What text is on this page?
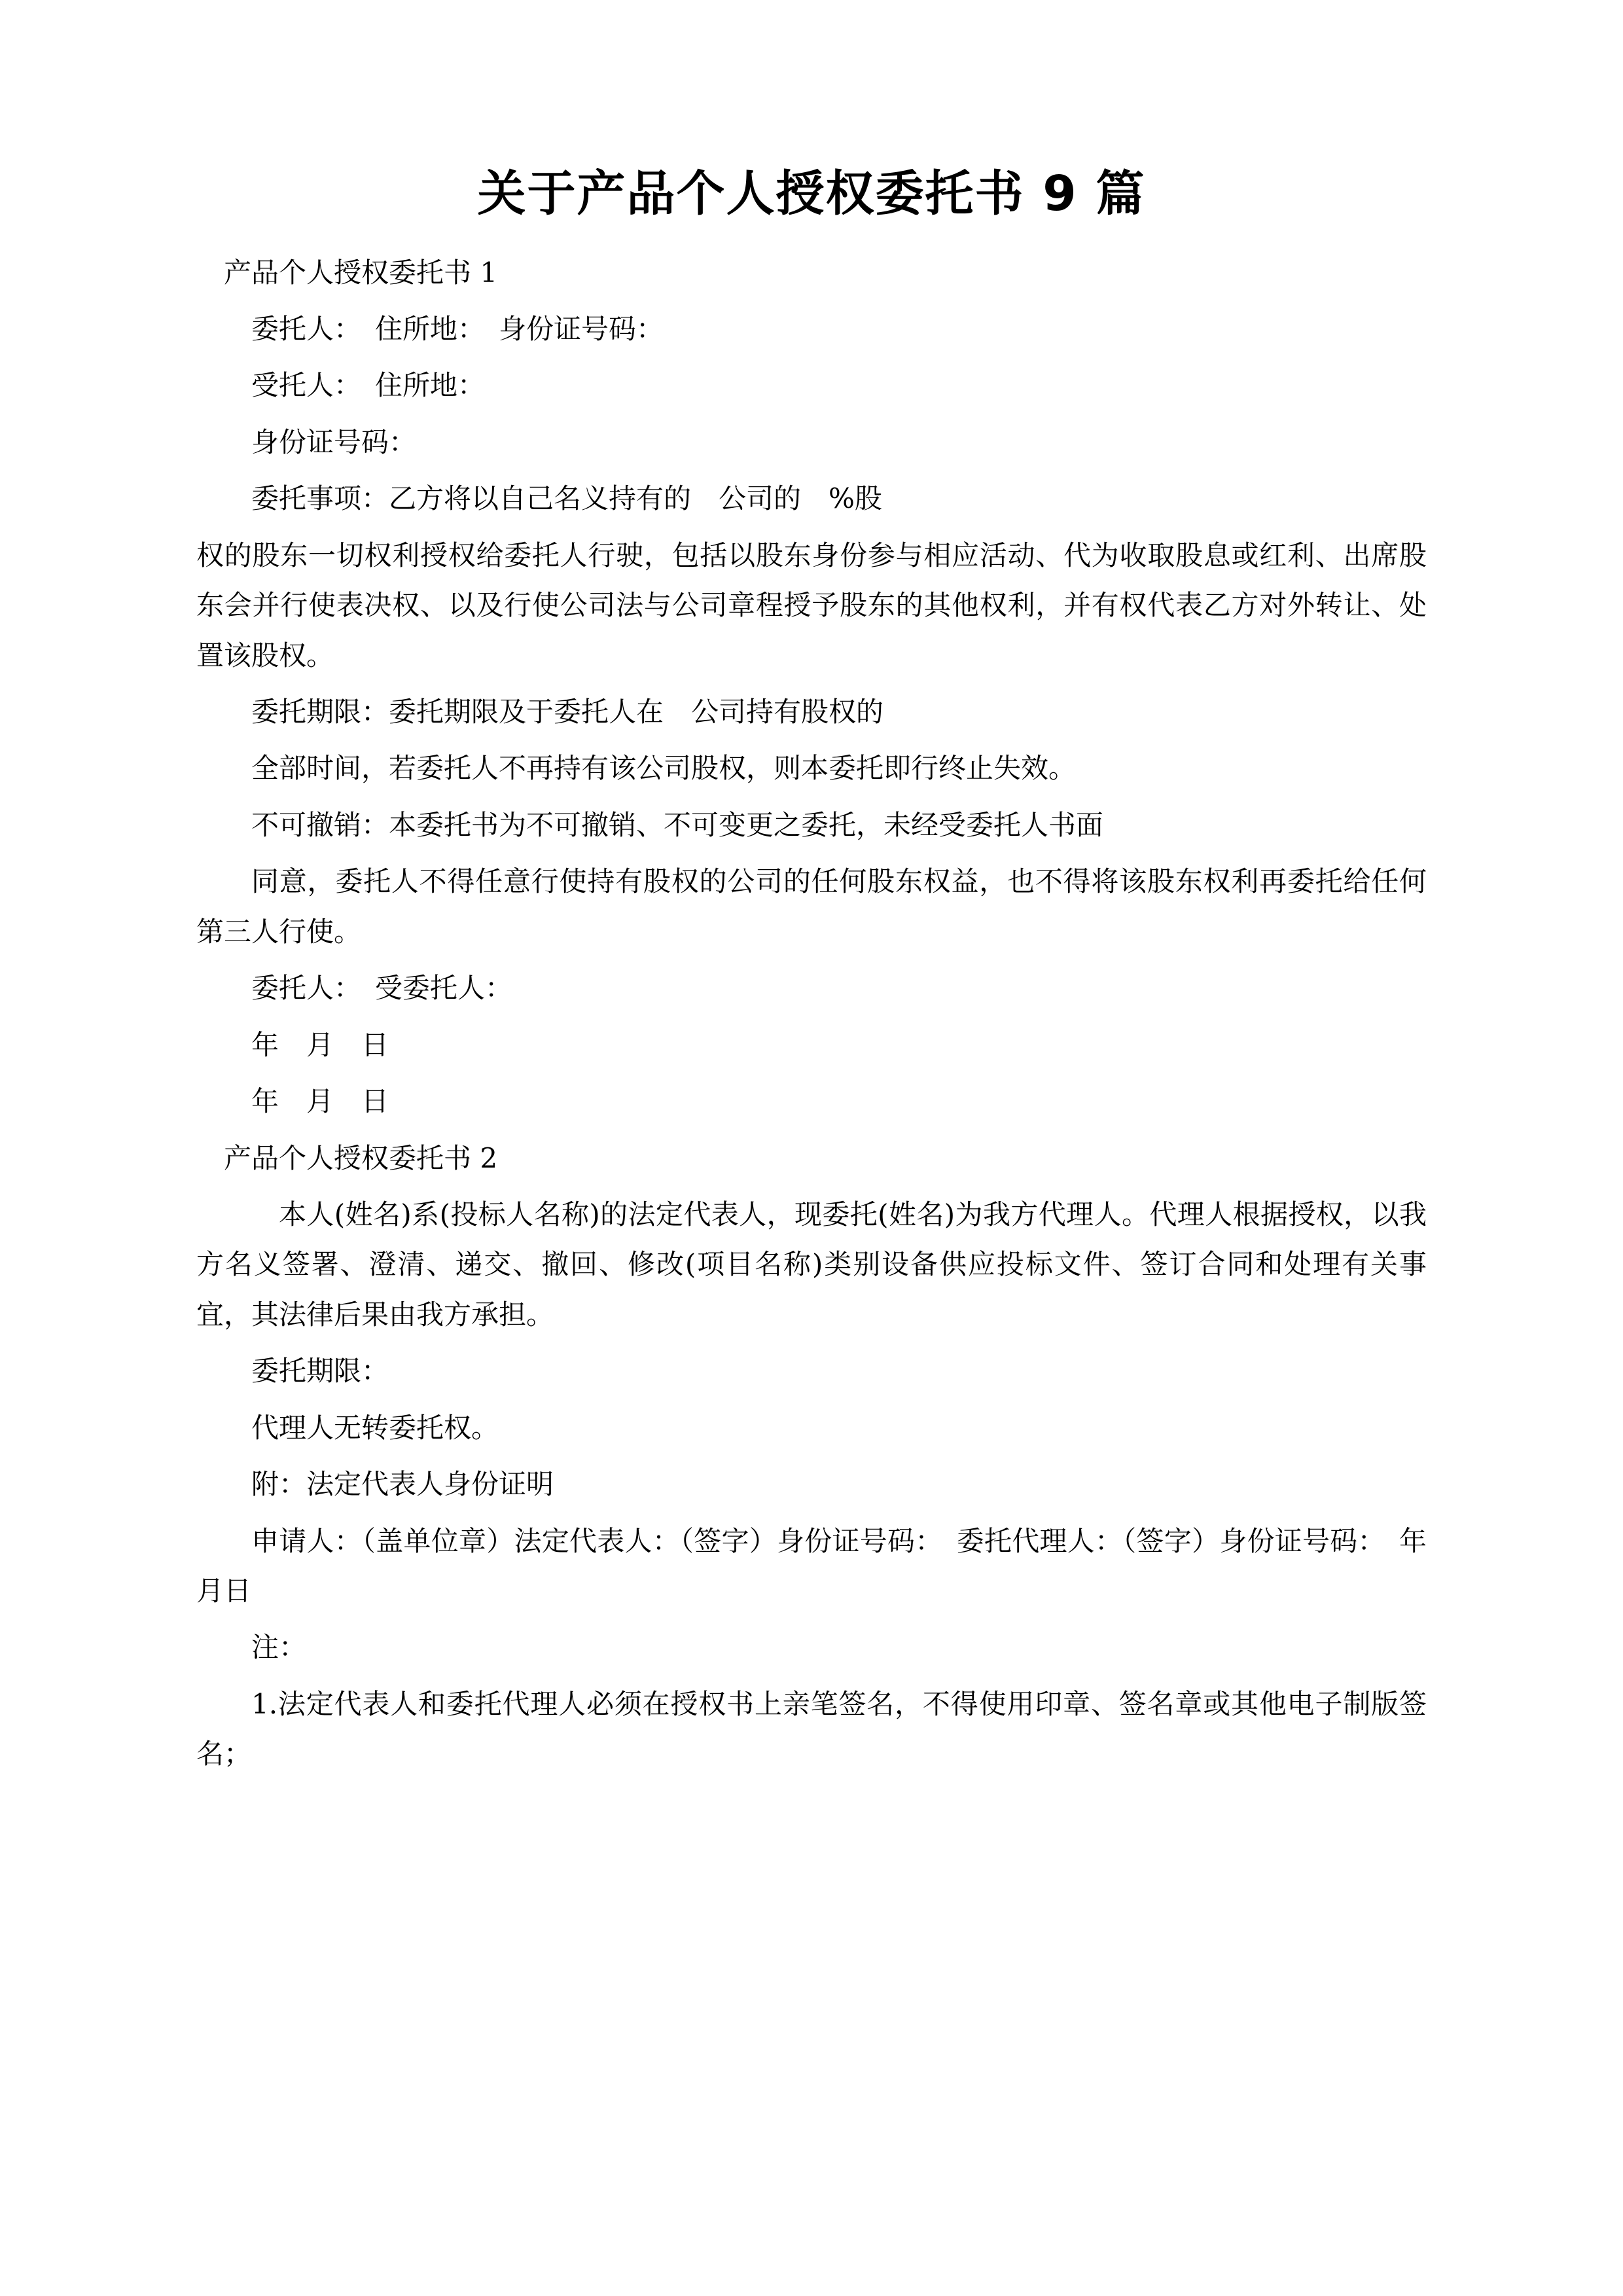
关于产品个人授权委托书 9 篇

产品个人授权委托书 1

委托人：　住所地：　身份证号码：

受托人：　住所地：

身份证号码：

委托事项：乙方将以自己名义持有的　公司的　%股

权的股东一切权利授权给委托人行驶，包括以股东身份参与相应活动、代为收取股息或红利、出席股东会并行使表决权、以及行使公司法与公司章程授予股东的其他权利，并有权代表乙方对外转让、处置该股权。

委托期限：委托期限及于委托人在　公司持有股权的

全部时间，若委托人不再持有该公司股权，则本委托即行终止失效。

不可撤销：本委托书为不可撤销、不可变更之委托，未经受委托人书面

同意，委托人不得任意行使持有股权的公司的任何股东权益，也不得将该股东权利再委托给任何第三人行使。

委托人：　受委托人：

年　月　日

年　月　日

产品个人授权委托书 2

本人(姓名)系(投标人名称)的法定代表人，现委托(姓名)为我方代理人。代理人根据授权，以我方名义签署、澄清、递交、撤回、修改(项目名称)类别设备供应投标文件、签订合同和处理有关事宜，其法律后果由我方承担。

委托期限：

代理人无转委托权。

附：法定代表人身份证明

申请人：（盖单位章）法定代表人：（签字）身份证号码：　委托代理人：（签字）身份证号码：　年月日

注：

1.法定代表人和委托代理人必须在授权书上亲笔签名，不得使用印章、签名章或其他电子制版签名；
